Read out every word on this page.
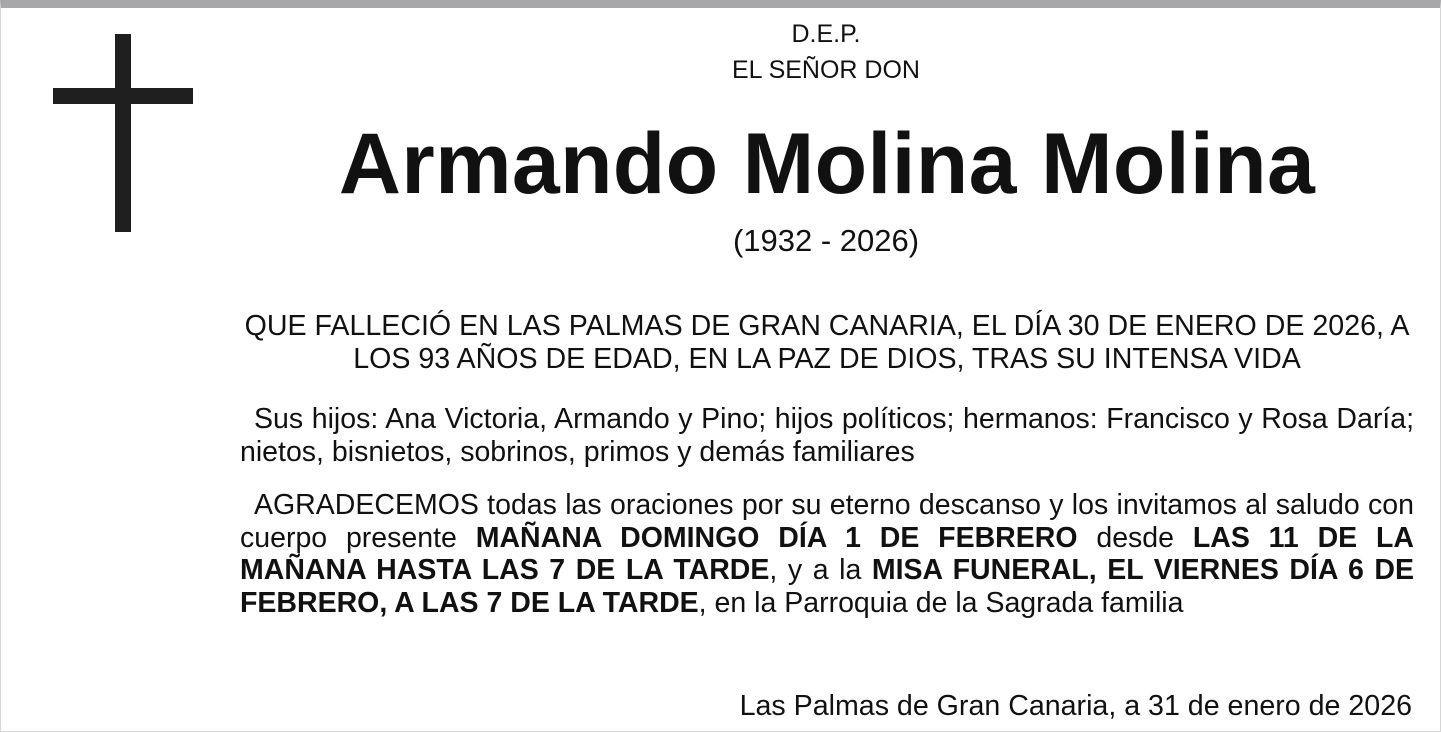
D.E.P.

EL SEÑOR DON

Armando Molina Molina

(1932 - 2026)

QUE FALLECIÓ EN LAS PALMAS DE GRAN CANARIA, EL DÍA 30 DE ENERO DE 2026, A LOS 93 AÑOS DE EDAD, EN LA PAZ DE DIOS, TRAS SU INTENSA VIDA

Sus hijos: Ana Victoria, Armando y Pino; hijos políticos; hermanos: Francisco y Rosa Daría; nietos, bisnietos, sobrinos, primos y demás familiares

AGRADECEMOS todas las oraciones por su eterno descanso y los invitamos al saludo con cuerpo presente MAÑANA DOMINGO DÍA 1 DE FEBRERO desde LAS 11 DE LA MAÑANA HASTA LAS 7 DE LA TARDE, y a la MISA FUNERAL, EL VIERNES DÍA 6 DE FEBRERO, A LAS 7 DE LA TARDE, en la Parroquia de la Sagrada familia

Las Palmas de Gran Canaria, a 31 de enero de 2026
